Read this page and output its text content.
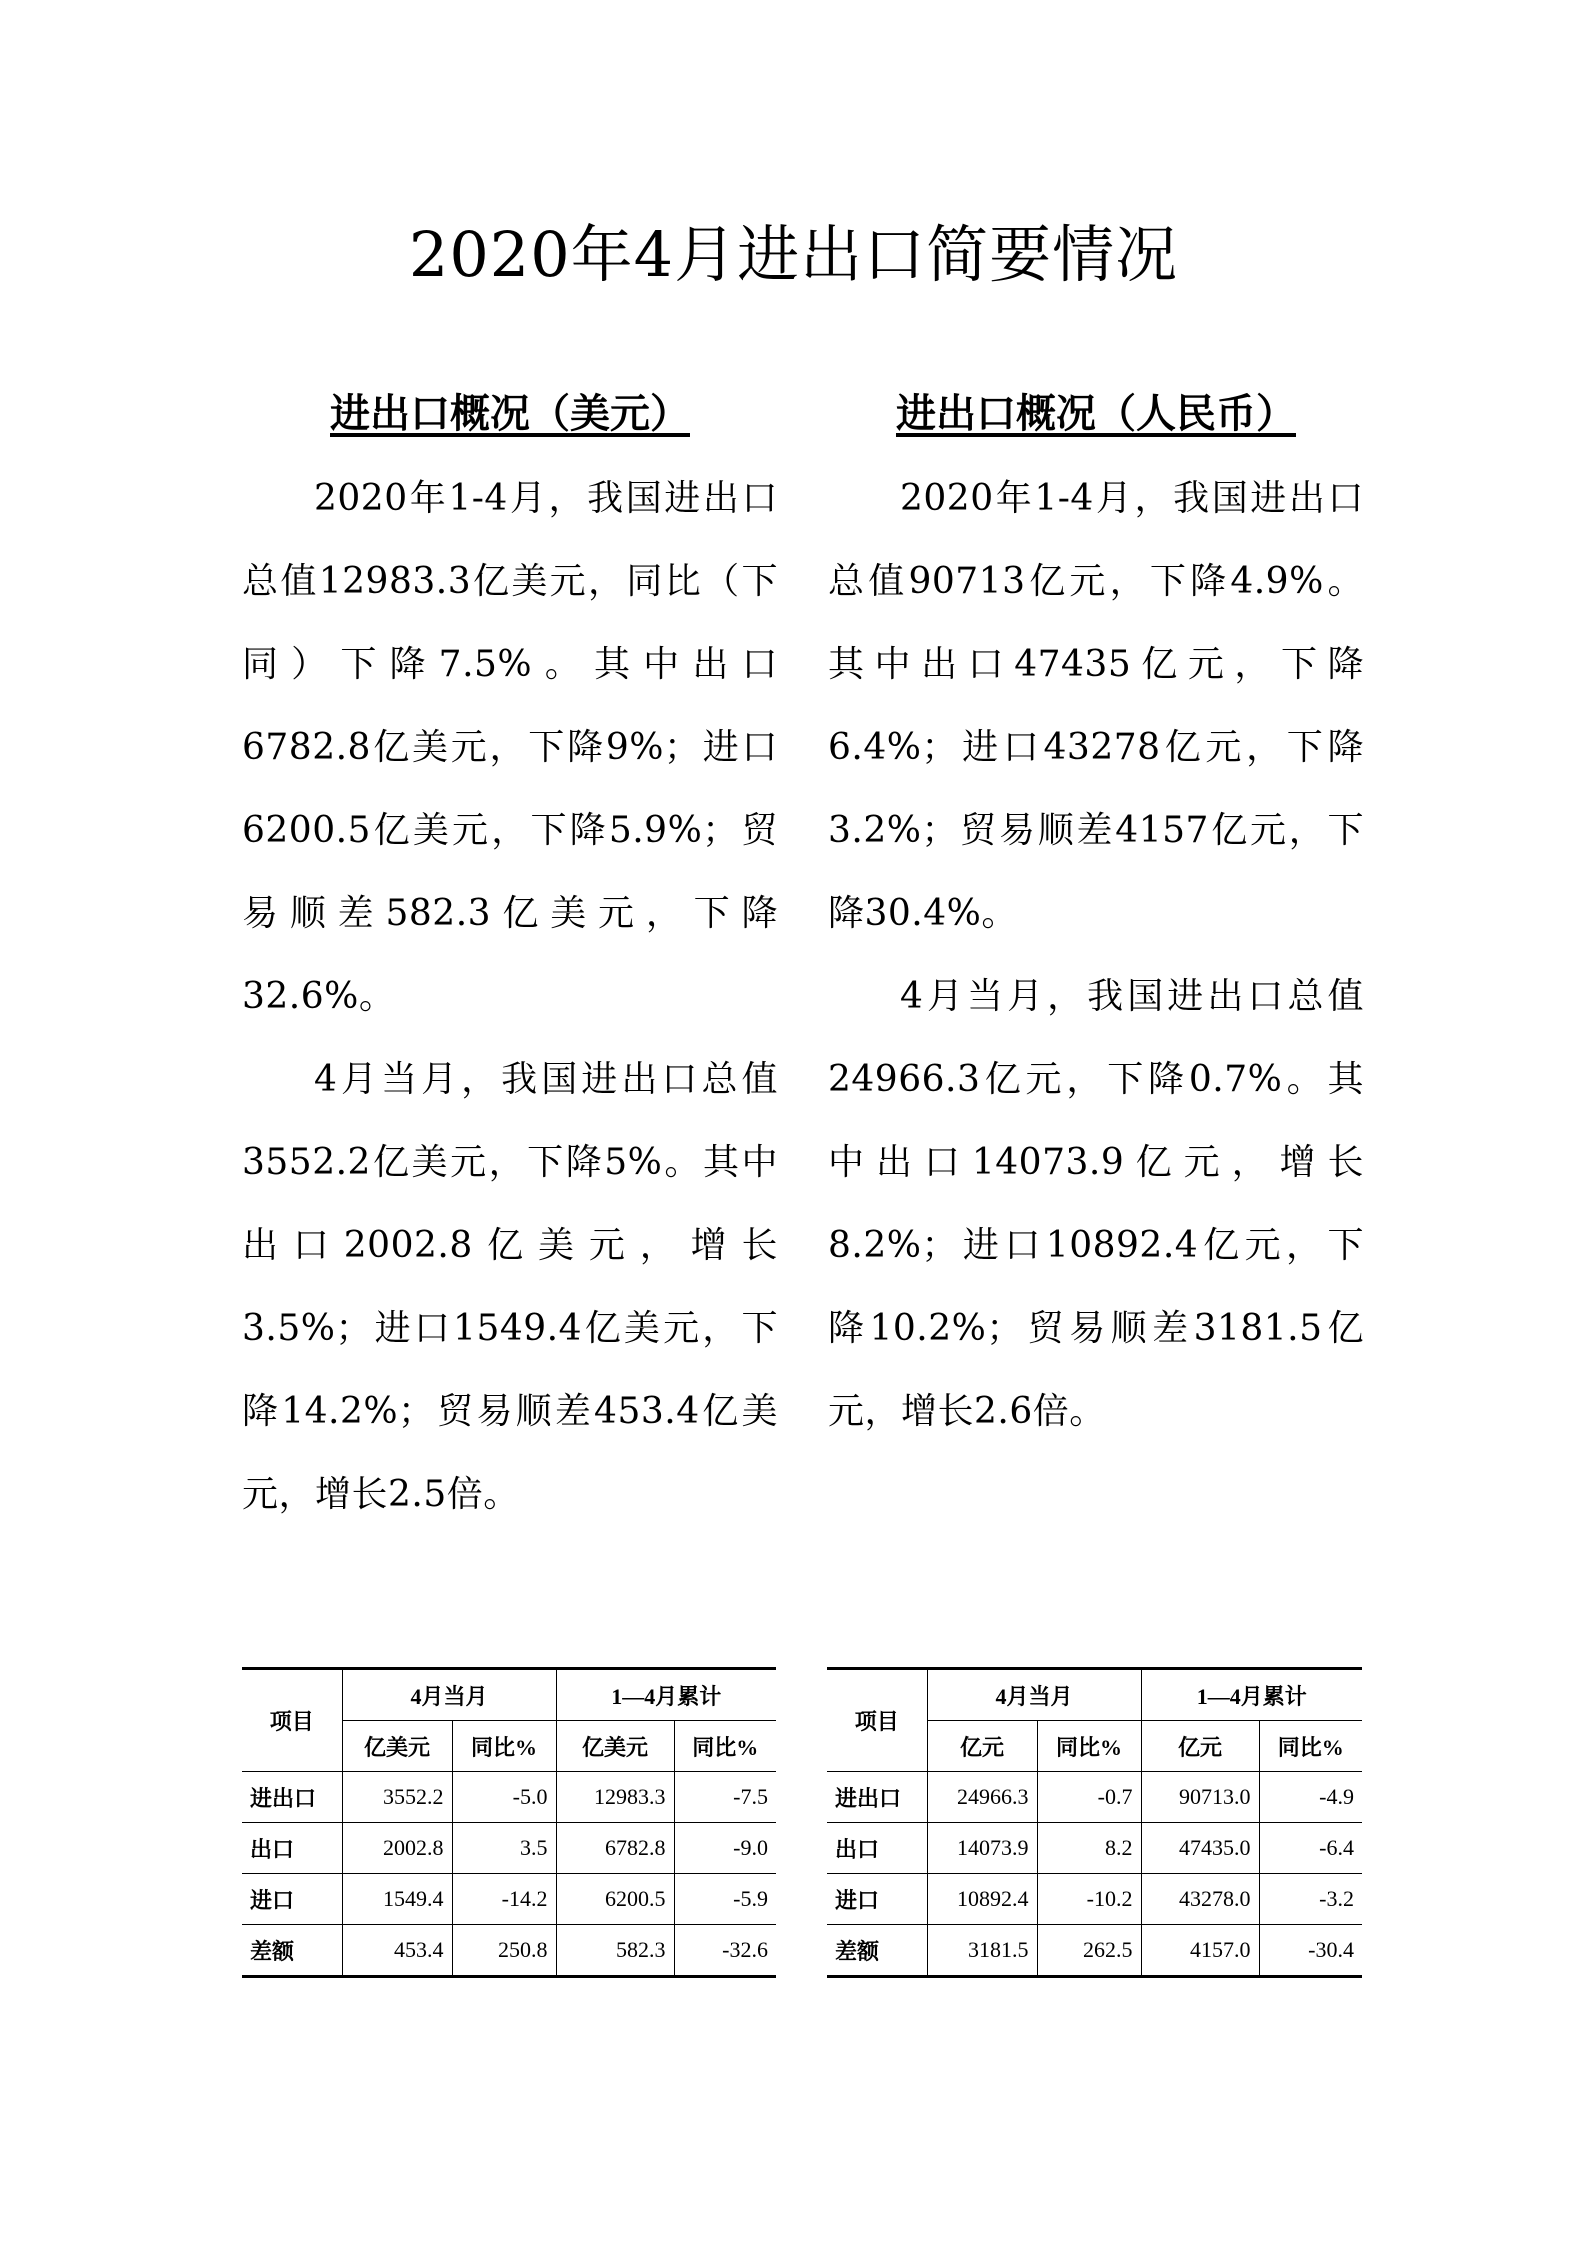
2020年4月进出口简要情况
进出口概况（美元）

2020年1-4月，我国进出口总值12983.3亿美元，同比（下同）下降7.5%。其中出口6782.8亿美元，下降9%；进口6200.5亿美元，下降5.9%；贸易顺差582.3亿美元，下降32.6%。

4月当月，我国进出口总值3552.2亿美元，下降5%。其中出口2002.8亿美元，增长3.5%；进口1549.4亿美元，下降14.2%；贸易顺差453.4亿美元，增长2.5倍。

进出口概况（人民币）

2020年1-4月，我国进出口总值90713亿元，下降4.9%。其中出口47435亿元，下降6.4%；进口43278亿元，下降3.2%；贸易顺差4157亿元，下降30.4%。

4月当月，我国进出口总值24966.3亿元，下降0.7%。其中出口14073.9亿元，增长8.2%；进口10892.4亿元，下降10.2%；贸易顺差3181.5亿元，增长2.6倍。

项目	4月当月		1—4月累计	
	亿美元	同比%	亿美元	同比%
进出口	3552.2	-5.0	12983.3	-7.5
出口	2002.8	3.5	6782.8	-9.0
进口	1549.4	-14.2	6200.5	-5.9
差额	453.4	250.8	582.3	-32.6
项目	4月当月		1—4月累计	
	亿元	同比%	亿元	同比%
进出口	24966.3	-0.7	90713.0	-4.9
出口	14073.9	8.2	47435.0	-6.4
进口	10892.4	-10.2	43278.0	-3.2
差额	3181.5	262.5	4157.0	-30.4
